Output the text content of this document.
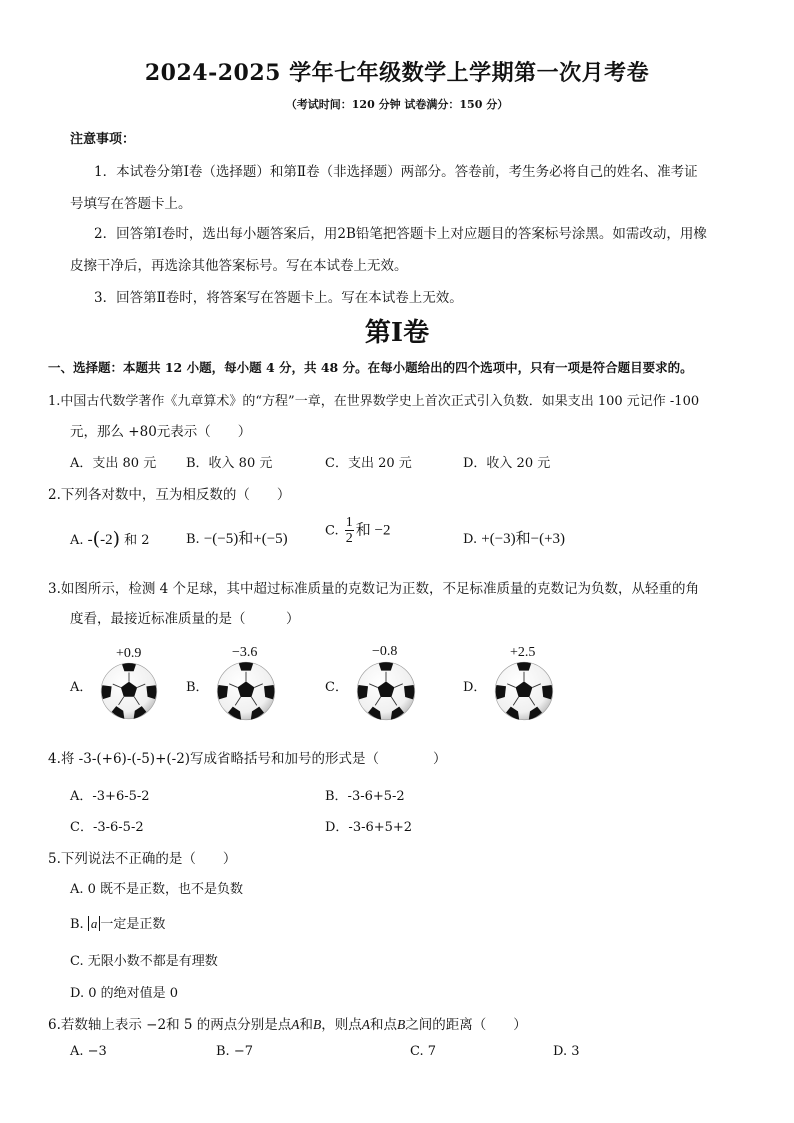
2024-2025 学年七年级数学上学期第一次月考卷
（考试时间：120 分钟 试卷满分：150 分）
注意事项：
1．本试卷分第Ⅰ卷（选择题）和第Ⅱ卷（非选择题）两部分。答卷前，考生务必将自己的姓名、准考证
号填写在答题卡上。
2．回答第Ⅰ卷时，选出每小题答案后，用2B铅笔把答题卡上对应题目的答案标号涂黑。如需改动，用橡
皮擦干净后，再选涂其他答案标号。写在本试卷上无效。
3．回答第Ⅱ卷时，将答案写在答题卡上。写在本试卷上无效。
第Ⅰ卷
一、选择题：本题共 12 小题，每小题 4 分，共 48 分。在每小题给出的四个选项中，只有一项是符合题目要求的。
1.中国古代数学著作《九章算术》的“方程”一章，在世界数学史上首次正式引入负数．如果支出 100 元记作 -100
元，那么 +80元表示（　　）
A．支出 80 元 B．收入 80 元	C．支出 20 元	D．收入 20 元
2.下列各对数中，互为相反数的（　　）
A. -(-2) 和 2	B. −(−5)和+(−5)	C. $\frac{1}{2}$ 和 −2
D. +(−3)和−(+3)
3.如图所示，检测 4 个足球，其中超过标准质量的克数记为正数，不足标准质量的克数记为负数，从轻重的角
度看，最接近标准质量的是（　　　）
A．
+0.9
B．
−3.6
C．
−0.8
D．
+2.5
4.将 -3-(+6)-(-5)+(-2)写成省略括号和加号的形式是（　　　　）
A．-3+6-5-2	B．-3-6+5-2
C．-3-6-5-2	D．-3-6+5+2
5.下列说法不正确的是（　　）
A. 0 既不是正数，也不是负数
B. a 一定是正数
C. 无限小数不都是有理数
D. 0 的绝对值是 0
6.若数轴上表示 −2和 5 的两点分别是点A和B，则点A和点B之间的距离（　　）
A. −3	B. −7	C. 7	D. 3
